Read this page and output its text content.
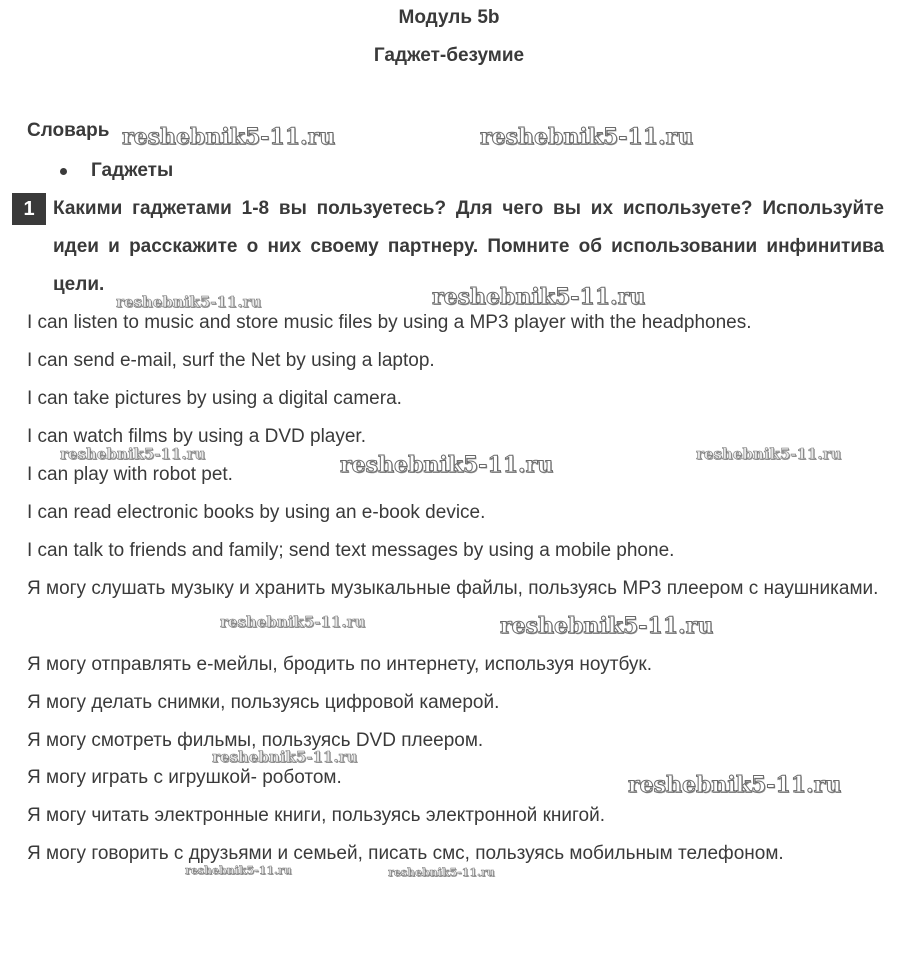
Модуль 5b
Гаджет-безумие
Словарь
Гаджеты
1 Какими гаджетами 1-8 вы пользуетесь? Для чего вы их используете? Используйте идеи и расскажите о них своему партнеру. Помните об использовании инфинитива цели.
I can listen to music and store music files by using a MP3 player with the headphones.
I can send e-mail, surf the Net by using a laptop.
I can take pictures by using a digital camera.
I can watch films by using a DVD player.
I can play with robot pet.
I can read electronic books by using an e-book device.
I can talk to friends and family; send text messages by using a mobile phone.
Я могу слушать музыку и хранить музыкальные файлы, пользуясь MP3 плеером с наушниками.
Я могу отправлять е-мейлы, бродить по интернету, используя ноутбук.
Я могу делать снимки, пользуясь цифровой камерой.
Я могу смотреть фильмы, пользуясь DVD плеером.
Я могу играть с игрушкой- роботом.
Я могу читать электронные книги, пользуясь электронной книгой.
Я могу говорить с друзьями и семьей, писать смс, пользуясь мобильным телефоном.
reshebnik5-11.ru	reshebnik5-11.ru
reshebnik5-11.ru	reshebnik5-11.ru
reshebnik5-11.ru	reshebnik5-11.ru	reshebnik5-11.ru
reshebnik5-11.ru	reshebnik5-11.ru
reshebnik5-11.ru
reshebnik5-11.ru
reshebnik5-11.ru	reshebnik5-11.ru
